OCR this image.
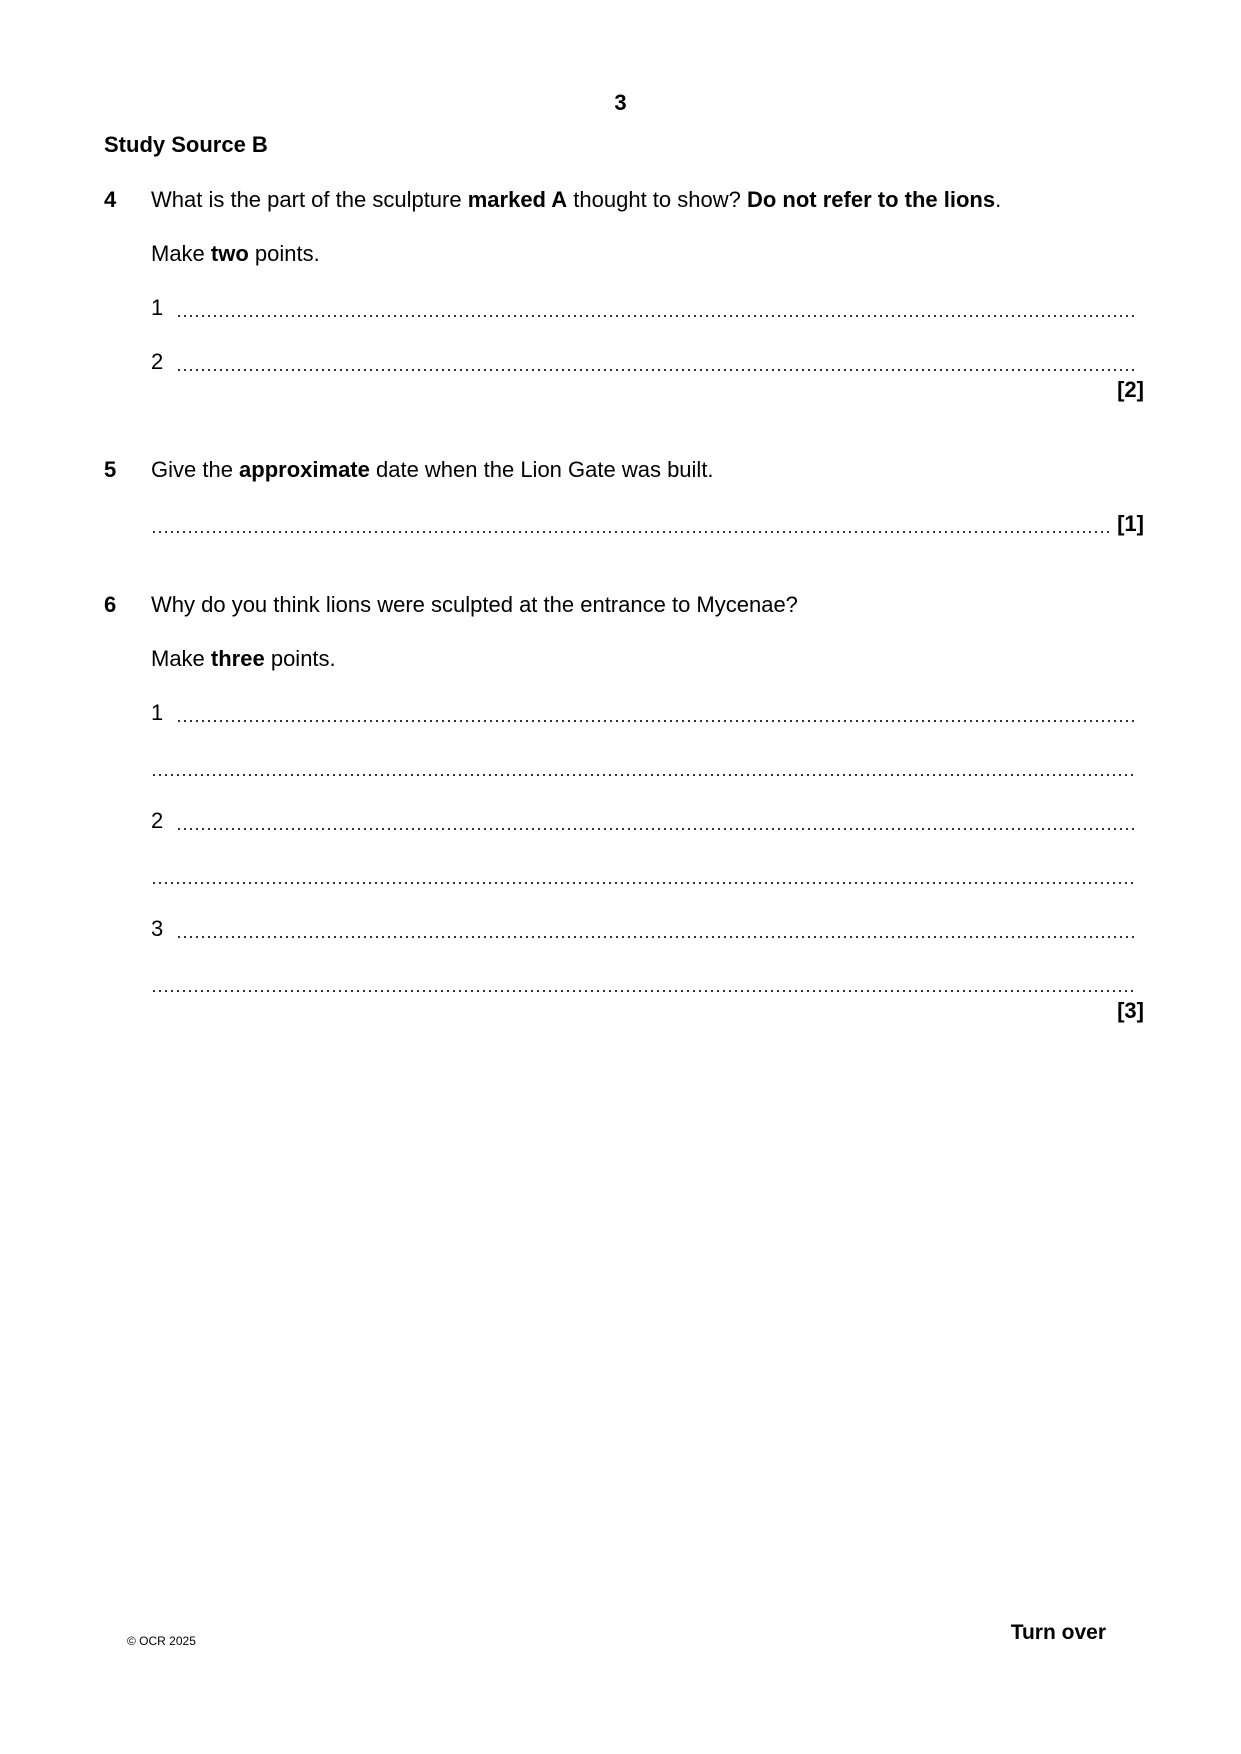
3
Study Source B
4 What is the part of the sculpture marked A thought to show? Do not refer to the lions.
Make two points.
1
2
[2]
5 Give the approximate date when the Lion Gate was built.
[1]
6 Why do you think lions were sculpted at the entrance to Mycenae?
Make three points.
1
2
3
[3]
© OCR 2025	Turn over
